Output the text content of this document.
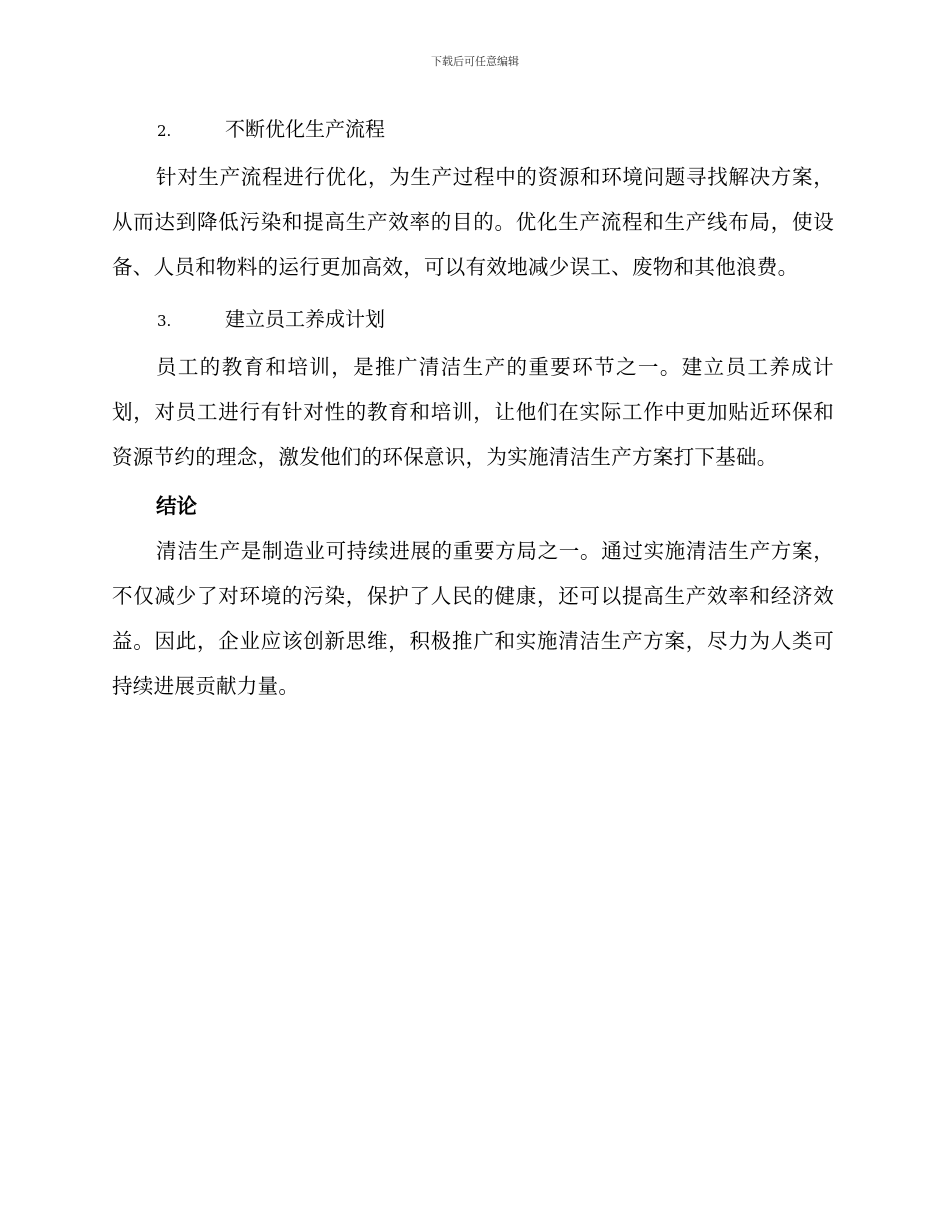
下载后可任意编辑
2.	不断优化生产流程

针对生产流程进行优化，为生产过程中的资源和环境问题寻找解决方案，从而达到降低污染和提高生产效率的目的。优化生产流程和生产线布局，使设备、人员和物料的运行更加高效，可以有效地减少误工、废物和其他浪费。

3.	建立员工养成计划

员工的教育和培训，是推广清洁生产的重要环节之一。建立员工养成计划，对员工进行有针对性的教育和培训，让他们在实际工作中更加贴近环保和资源节约的理念，激发他们的环保意识，为实施清洁生产方案打下基础。

结论

清洁生产是制造业可持续进展的重要方局之一。通过实施清洁生产方案，不仅减少了对环境的污染，保护了人民的健康，还可以提高生产效率和经济效益。因此，企业应该创新思维，积极推广和实施清洁生产方案，尽力为人类可持续进展贡献力量。
